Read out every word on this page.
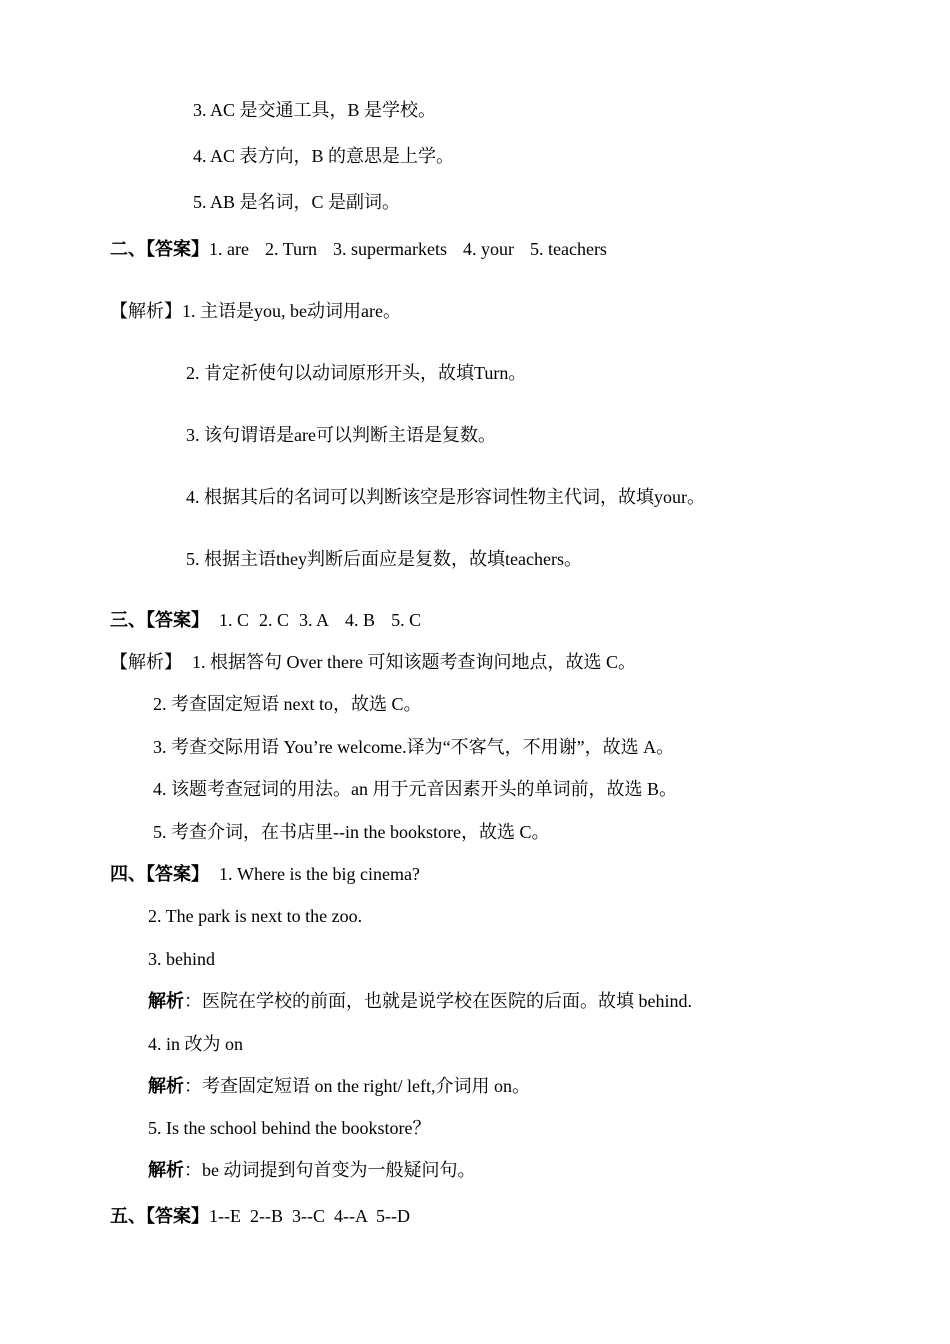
3. AC 是交通工具，B 是学校。
4. AC 表方向，B 的意思是上学。
5. AB 是名词，C 是副词。
二、【答案】1. are 2. Turn 3. supermarkets 4. your 5. teachers
【解析】1. 主语是you, be动词用are。
2. 肯定祈使句以动词原形开头，故填Turn。
3. 该句谓语是are可以判断主语是复数。
4. 根据其后的名词可以判断该空是形容词性物主代词，故填your。
5. 根据主语they判断后面应是复数，故填teachers。
三、【答案】 1. C 2. C 3. A 4. B 5. C
【解析】 1. 根据答句 Over there 可知该题考查询问地点，故选 C。
2. 考查固定短语 next to，故选 C。
3. 考查交际用语 You’re welcome.译为“不客气，不用谢”，故选 A。
4. 该题考查冠词的用法。an 用于元音因素开头的单词前，故选 B。
5. 考查介词，在书店里--in the bookstore，故选 C。
四、【答案】 1. Where is the big cinema?
2. The park is next to the zoo.
3. behind
解析：医院在学校的前面，也就是说学校在医院的后面。故填 behind.
4. in 改为 on
解析：考查固定短语 on the right/ left,介词用 on。
5. Is the school behind the bookstore？
解析：be 动词提到句首变为一般疑问句。
五、【答案】1--E  2--B  3--C  4--A  5--D
